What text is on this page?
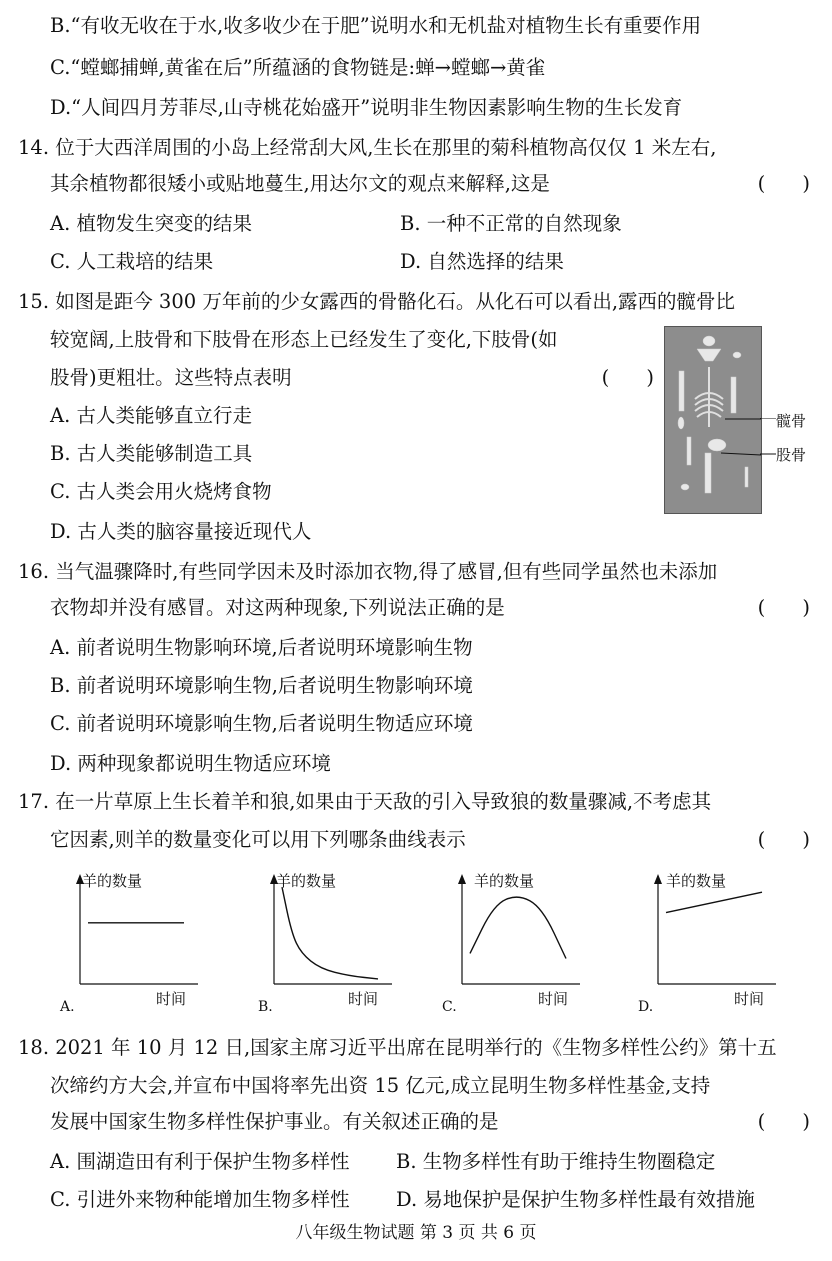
B.“有收无收在于水,收多收少在于肥”说明水和无机盐对植物生长有重要作用
C.“螳螂捕蝉,黄雀在后”所蕴涵的食物链是:蝉→螳螂→黄雀
D.“人间四月芳菲尽,山寺桃花始盛开”说明非生物因素影响生物的生长发育
14. 位于大西洋周围的小岛上经常刮大风,生长在那里的菊科植物高仅仅 1 米左右,
其余植物都很矮小或贴地蔓生,用达尔文的观点来解释,这是	(      )
A. 植物发生突变的结果	B. 一种不正常的自然现象
C. 人工栽培的结果	D. 自然选择的结果
15. 如图是距今 300 万年前的少女露西的骨骼化石。从化石可以看出,露西的髋骨比
较宽阔,上肢骨和下肢骨在形态上已经发生了变化,下肢骨(如
股骨)更粗壮。这些特点表明	(      )
A. 古人类能够直立行走
B. 古人类能够制造工具
C. 古人类会用火烧烤食物
D. 古人类的脑容量接近现代人
髋骨
股骨
16. 当气温骤降时,有些同学因未及时添加衣物,得了感冒,但有些同学虽然也未添加
衣物却并没有感冒。对这两种现象,下列说法正确的是	(      )
A. 前者说明生物影响环境,后者说明环境影响生物
B. 前者说明环境影响生物,后者说明生物影响环境
C. 前者说明环境影响生物,后者说明生物适应环境
D. 两种现象都说明生物适应环境
17. 在一片草原上生长着羊和狼,如果由于天敌的引入导致狼的数量骤减,不考虑其
它因素,则羊的数量变化可以用下列哪条曲线表示	(      )
羊的数量
A.	时间
羊的数量
B.	时间
羊的数量
C.	时间
羊的数量
D.	时间
18. 2021 年 10 月 12 日,国家主席习近平出席在昆明举行的《生物多样性公约》第十五
次缔约方大会,并宣布中国将率先出资 15 亿元,成立昆明生物多样性基金,支持
发展中国家生物多样性保护事业。有关叙述正确的是	(      )
A. 围湖造田有利于保护生物多样性 B. 生物多样性有助于维持生物圈稳定
C. 引进外来物种能增加生物多样性 D. 易地保护是保护生物多样性最有效措施
八年级生物试题 第 3 页 共 6 页
